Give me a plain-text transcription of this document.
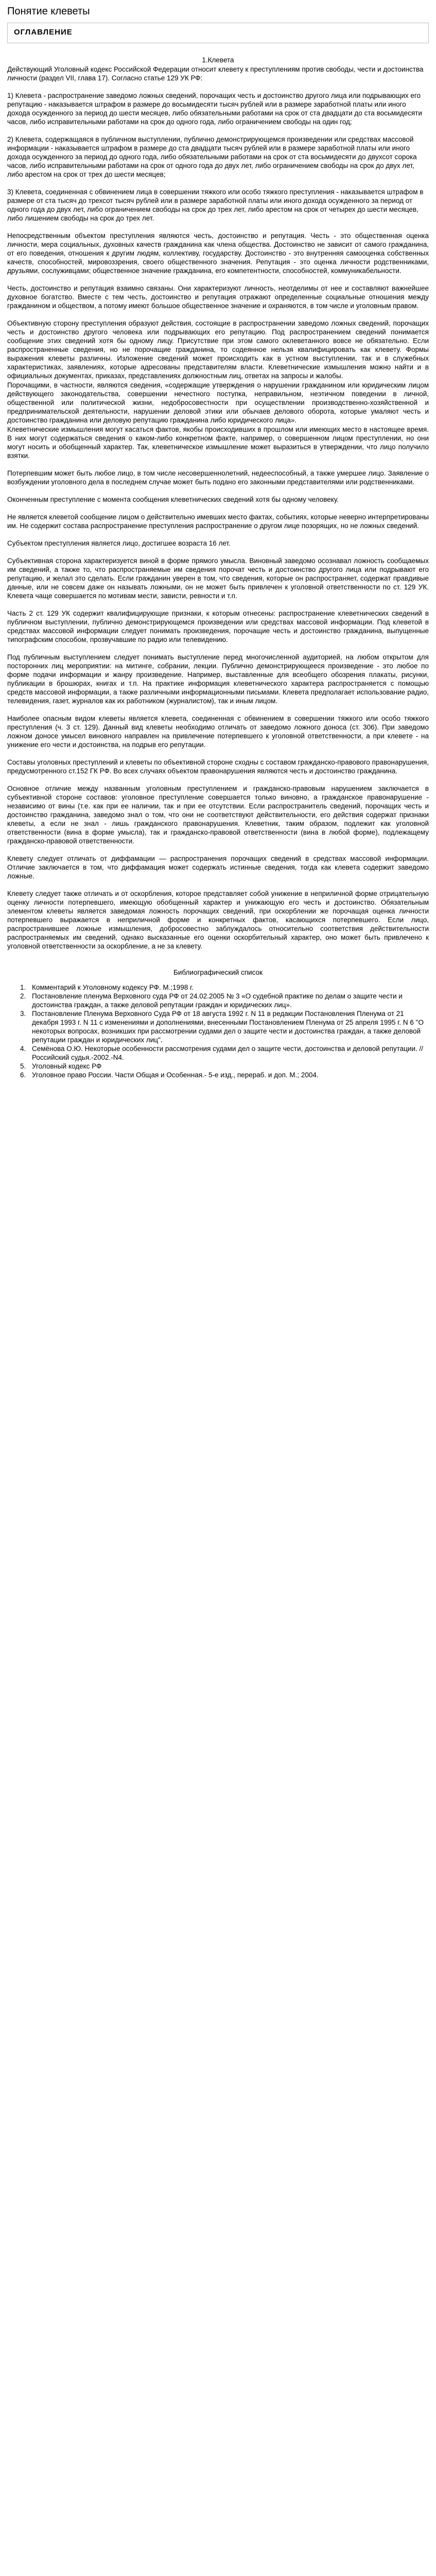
Понятие клеветы

ОГЛАВЛЕНИЕ

1.Клевета

Действующий Уголовный кодекс Российской Федерации относит клевету к преступлениям против свободы, чести и достоинства личности (раздел VII, глава 17). Согласно статье 129 УК РФ:

1) Клевета - распространение заведомо ложных сведений, порочащих честь и достоинство другого лица или подрывающих его репутацию - наказывается штрафом в размере до восьмидесяти тысяч рублей или в размере заработной платы или иного дохода осужденного за период до шести месяцев, либо обязательными работами на срок от ста двадцати до ста восьмидесяти часов, либо исправительными работами на срок до одного года, либо ограничением свободы на один год;

2) Клевета, содержащаяся в публичном выступлении, публично демонстрирующемся произведении или средствах массовой информации - наказывается штрафом в размере до ста двадцати тысяч рублей или в размере заработной платы или иного дохода осужденного за период до одного года, либо обязательными работами на срок от ста восьмидесяти до двухсот сорока часов, либо исправительными работами на срок от одного года до двух лет, либо ограничением свободы на срок до двух лет, либо арестом на срок от трех до шести месяцев;

3) Клевета, соединенная с обвинением лица в совершении тяжкого или особо тяжкого преступления - наказывается штрафом в размере от ста тысяч до трехсот тысяч рублей или в размере заработной платы или иного дохода осужденного за период от одного года до двух лет, либо ограничением свободы на срок до трех лет, либо арестом на срок от четырех до шести месяцев, либо лишением свободы на срок до трех лет.

Непосредственным объектом преступления являются честь, достоинство и репутация. Честь - это общественная оценка личности, мера социальных, духовных качеств гражданина как члена общества. Достоинство не зависит от самого гражданина, от его поведения, отношения к другим людям, коллективу, государству. Достоинство - это внутренняя самооценка собственных качеств, способностей, мировоззрения, своего общественного значения. Репутация - это оценка личности родственниками, друзьями, сослуживцами; общественное значение гражданина, его компетентности, способностей, коммуникабельности.

Честь, достоинство и репутация взаимно связаны. Они характеризуют личность, неотделимы от нее и составляют важнейшее духовное богатство. Вместе с тем честь, достоинство и репутация отражают определенные социальные отношения между гражданином и обществом, а потому имеют большое общественное значение и охраняются, в том числе и уголовным правом.

Объективную сторону преступления образуют действия, состоящие в распространении заведомо ложных сведений, порочащих честь и достоинство другого человека или подрывающих его репутацию. Под распространением сведений понимается сообщение этих сведений хотя бы одному лицу. Присутствие при этом самого оклеветанного вовсе не обязательно. Если распространенные сведения, но не порочащие гражданина, то содеянное нельзя квалифицировать как клевету. Формы выражения клеветы различны. Изложение сведений может происходить как в устном выступлении, так и в служебных характеристиках, заявлениях, которые адресованы представителям власти. Клеветнические измышления можно найти и в официальных документах, приказах, представлениях должностным лиц, ответах на запросы и жалобы.

Порочащими, в частности, являются сведения, «содержащие утверждения о нарушении гражданином или юридическим лицом действующего законодательства, совершении нечестного поступка, неправильном, неэтичном поведении в личной, общественной или политической жизни, недобросовестности при осуществлении производственно-хозяйственной и предпринимательской деятельности, нарушении деловой этики или обычаев делового оборота, которые умаляют честь и достоинство гражданина или деловую репутацию гражданина либо юридического лица».

Клеветнические измышления могут касаться фактов, якобы происходивших в прошлом или имеющих место в настоящее время. В них могут содержаться сведения о каком-либо конкретном факте, например, о совершенном лицом преступлении, но они могут носить и обобщенный характер. Так, клеветническое измышление может выразиться в утверждении, что лицо получило взятки.

Потерпевшим может быть любое лицо, в том числе несовершеннолетний, недееспособный, а также умершее лицо. Заявление о возбуждении уголовного дела в последнем случае может быть подано его законными представителями или родственниками.

Оконченным преступление с момента сообщения клеветнических сведений хотя бы одному человеку.

Не является клеветой сообщение лицом о действительно имевших место фактах, событиях, которые неверно интерпретированы им. Не содержит состава распространение преступления распространение о другом лице позорящих, но не ложных сведений.

Субъектом преступления является лицо, достигшее возраста 16 лет.

Субъективная сторона характеризуется виной в форме прямого умысла. Виновный заведомо осознавал ложность сообщаемых им сведений, а также то, что распространяемые им сведения порочат честь и достоинство другого лица или подрывают его репутацию, и желал это сделать. Если гражданин уверен в том, что сведения, которые он распространяет, содержат правдивые данные, или не совсем даже он называть ложными, он не может быть привлечен к уголовной ответственности по ст. 129 УК. Клевета чаще совершается по мотивам мести, зависти, ревности и т.п.

Часть 2 ст. 129 УК содержит квалифицирующие признаки, к которым отнесены: распространение клеветнических сведений в публичном выступлении, публично демонстрирующемся произведении или средствах массовой информации. Под клеветой в средствах массовой информации следует понимать произведения, порочащие честь и достоинство гражданина, выпущенные типографским способом, прозвучавшие по радио или телевидению.

Под публичным выступлением следует понимать выступление перед многочисленной аудиторией, на любом открытом для посторонних лиц мероприятии: на митинге, собрании, лекции. Публично демонстрирующееся произведение - это любое по форме подачи информации и жанру произведение. Например, выставленные для всеобщего обозрения плакаты, рисунки, публикации в брошюрах, книгах и т.п. На практике информация клеветнического характера распространяется с помощью средств массовой информации, а также различными информационными письмами. Клевета предполагает использование радио, телевидения, газет, журналов как их работником (журналистом), так и иным лицом.

Наиболее опасным видом клеветы является клевета, соединенная с обвинением в совершении тяжкого или особо тяжкого преступления (ч. 3 ст. 129). Данный вид клеветы необходимо отличать от заведомо ложного доноса (ст. 306). При заведомо ложном доносе умысел виновного направлен на привлечение потерпевшего к уголовной ответственности, а при клевете - на унижение его чести и достоинства, на подрыв его репутации.

Составы уголовных преступлений и клеветы по объективной стороне сходны с составом гражданско-правового правонарушения, предусмотренного ст.152 ГК РФ. Во всех случаях объектом правонарушения являются честь и достоинство гражданина.

Основное отличие между названным уголовным преступлением и гражданско-правовым нарушением заключается в субъективной стороне составов: уголовное преступление совершается только виновно, а гражданское правонарушение - независимо от вины (т.е. как при ее наличии, так и при ее отсутствии. Если распространитель сведений, порочащих честь и достоинство гражданина, заведомо знал о том, что они не соответствуют действительности, его действия содержат признаки клеветы, а если не знал - лишь гражданского правонарушения. Клеветник, таким образом, подлежит как уголовной ответственности (вина в форме умысла), так и гражданско-правовой ответственности (вина в любой форме), подлежащему гражданско-правовой ответственности.

Клевету следует отличать от диффамации — распространения порочащих сведений в средствах массовой информации. Отличие заключается в том, что диффамация может содержать истинные сведения, тогда как клевета содержит заведомо ложные.

Клевету следует также отличать и от оскорбления, которое представляет собой унижение в неприличной форме отрицательную оценку личности потерпевшего, имеющую обобщенный характер и унижающую его честь и достоинство. Обязательным элементом клеветы является заведомая ложность порочащих сведений, при оскорблении же порочащая оценка личности потерпевшего выражается в неприличной форме и конкретных фактов, касающихся потерпевшего. Если лицо, распространившее ложные измышления, добросовестно заблуждалось относительно соответствия действительности распространяемых им сведений, однако высказанные его оценки оскорбительный характер, оно может быть привлечено к уголовной ответственности за оскорбление, а не за клевету.

Библиографический список
1. Комментарий к Уголовному кодексу РФ. М.;1998 г.
2. Постановление пленума Верховного суда РФ от 24.02.2005 № 3 «О судебной практике по делам о защите чести и достоинства граждан, а также деловой репутации граждан и юридических лиц».
3. Постановление Пленума Верховного Суда РФ от 18 августа 1992 г. N 11 в редакции Постановления Пленума от 21 декабря 1993 г. N 11 с изменениями и дополнениями, внесенными Постановлением Пленума от 25 апреля 1995 г. N 6 "О некоторых вопросах, возникших при рассмотрении судами дел о защите чести и достоинства граждан, а также деловой репутации граждан и юридических лиц".
4. Семёнова О.Ю. Некоторые особенности рассмотрения судами дел о защите чести, достоинства и деловой репутации. // Российский судья.-2002.-N4.
5. Уголовный кодекс РФ
6. Уголовное право России. Части Общая и Особенная.- 5-е изд., перераб. и доп. М.; 2004.
